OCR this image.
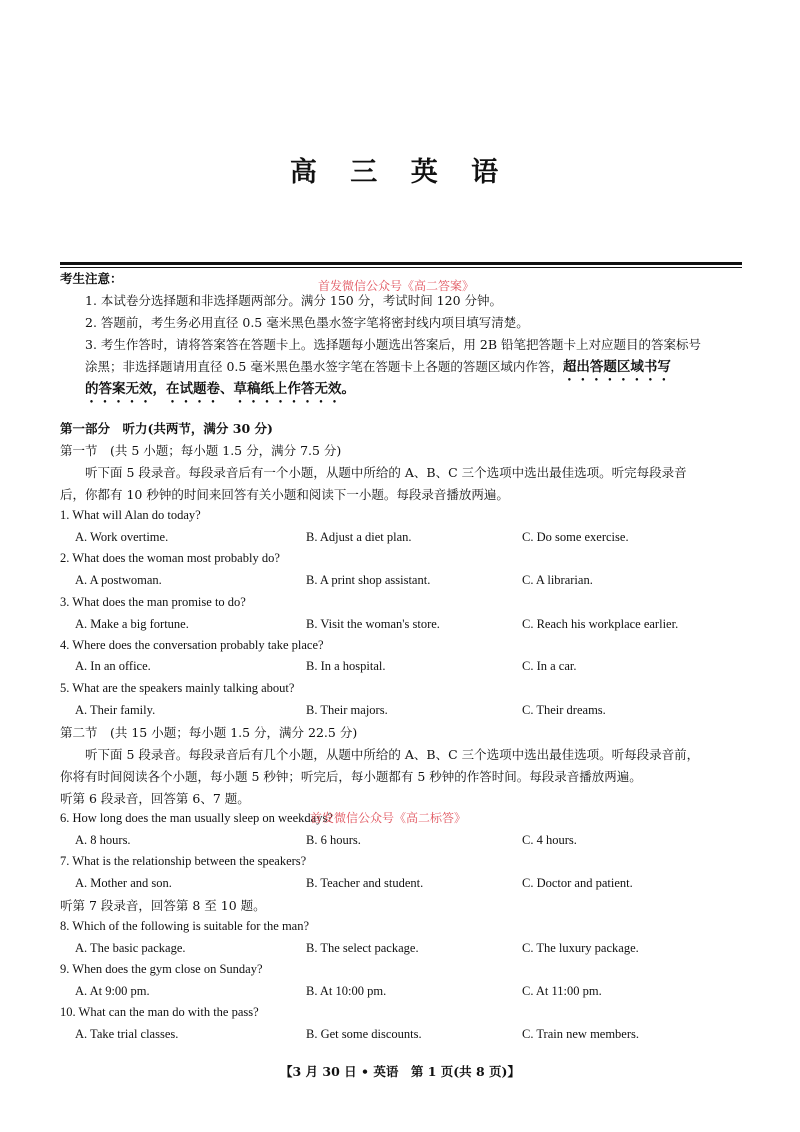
高 三 英 语
考生注意：	首发微信公众号《高二答案》
1. 本试卷分选择题和非选择题两部分。满分 150 分，考试时间 120 分钟。
2. 答题前，考生务必用直径 0.5 毫米黑色墨水签字笔将密封线内项目填写清楚。
3. 考生作答时，请将答案答在答题卡上。选择题每小题选出答案后，用 2B 铅笔把答题卡上对应题目的答案标号
涂黑；非选择题请用直径 0.5 毫米黑色墨水签字笔在答题卡上各题的答题区域内作答，超出答题区域书写
的答案无效，在试题卷、草稿纸上作答无效。
第一部分　听力(共两节，满分 30 分)
第一节　(共 5 小题；每小题 1.5 分，满分 7.5 分)
听下面 5 段录音。每段录音后有一个小题，从题中所给的 A、B、C 三个选项中选出最佳选项。听完每段录音
后，你都有 10 秒钟的时间来回答有关小题和阅读下一小题。每段录音播放两遍。
1. What will Alan do today?
A. Work overtime.	B. Adjust a diet plan.	C. Do some exercise.
2. What does the woman most probably do?
A. A postwoman.	B. A print shop assistant.	C. A librarian.
3. What does the man promise to do?
A. Make a big fortune.	B. Visit the woman's store.	C. Reach his workplace earlier.
4. Where does the conversation probably take place?
A. In an office.	B. In a hospital.	C. In a car.
5. What are the speakers mainly talking about?
A. Their family.	B. Their majors.	C. Their dreams.
第二节　(共 15 小题；每小题 1.5 分，满分 22.5 分)
听下面 5 段录音。每段录音后有几个小题，从题中所给的 A、B、C 三个选项中选出最佳选项。听每段录音前，
你将有时间阅读各个小题，每小题 5 秒钟；听完后，每小题都有 5 秒钟的作答时间。每段录音播放两遍。
听第 6 段录音，回答第 6、7 题。
6. How long does the man usually sleep on weekdays?
首发微信公众号《高二标答》
A. 8 hours.	B. 6 hours.	C. 4 hours.
7. What is the relationship between the speakers?
A. Mother and son.	B. Teacher and student.	C. Doctor and patient.
听第 7 段录音，回答第 8 至 10 题。
8. Which of the following is suitable for the man?
A. The basic package.	B. The select package.	C. The luxury package.
9. When does the gym close on Sunday?
A. At 9:00 pm.	B. At 10:00 pm.	C. At 11:00 pm.
10. What can the man do with the pass?
A. Take trial classes.	B. Get some discounts.	C. Train new members.
【3 月 30 日 • 英语　第 1 页(共 8 页)】
